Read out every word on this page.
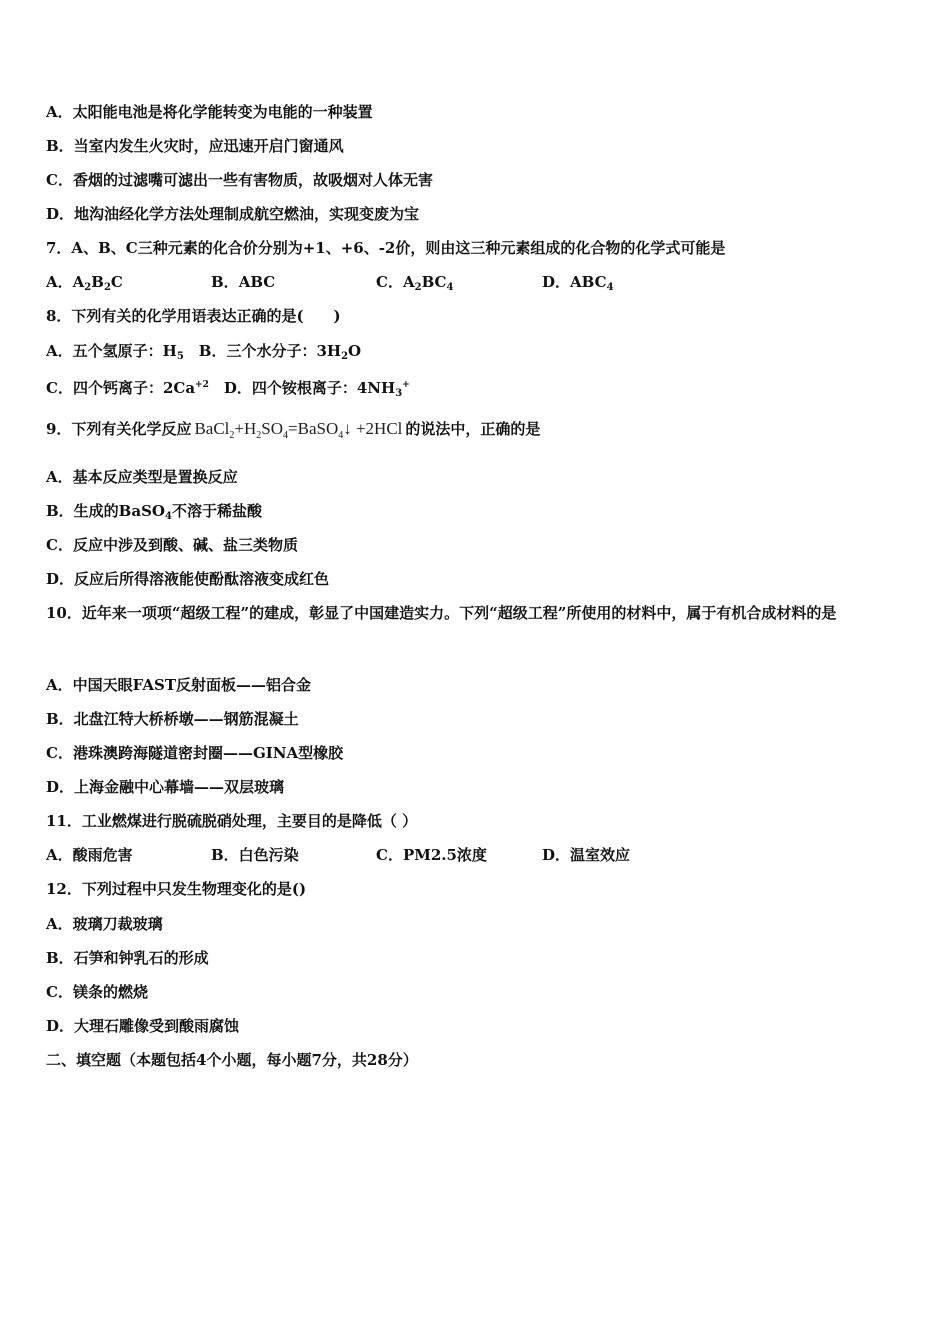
A．太阳能电池是将化学能转变为电能的一种装置
B．当室内发生火灾时，应迅速开启门窗通风
C．香烟的过滤嘴可滤出一些有害物质，故吸烟对人体无害
D．地沟油经化学方法处理制成航空燃油，实现变废为宝
7．A、B、C三种元素的化合价分别为+1、+6、-2价，则由这三种元素组成的化合物的化学式可能是
A．$A_2B_2C$	B．ABC	C．$A_2BC_4$	D．$ABC_4$
8．下列有关的化学用语表达正确的是(　　)
A．五个氢原子：$H_5$　B．三个水分子：$3H_2O$
C．四个钙离子：$2Ca^{+2}$　D．四个铵根离子：$4NH_3^+$
9．下列有关化学反应 $BaCl_2+H_2SO_4=BaSO_4↓ +2HCl$ 的说法中，正确的是
A．基本反应类型是置换反应
B．生成的BaSO$_4$不溶于稀盐酸
C．反应中涉及到酸、碱、盐三类物质
D．反应后所得溶液能使酚酞溶液变成红色
10．近年来一项项“超级工程”的建成，彰显了中国建造实力。下列“超级工程”所使用的材料中，属于有机合成材料的是
A．中国天眼FAST反射面板——铝合金
B．北盘江特大桥桥墩——钢筋混凝土
C．港珠澳跨海隧道密封圈——GINA型橡胶
D．上海金融中心幕墙——双层玻璃
11．工业燃煤进行脱硫脱硝处理，主要目的是降低（ ）
A．酸雨危害	B．白色污染	C．PM2.5浓度	D．温室效应
12．下列过程中只发生物理变化的是()
A．玻璃刀裁玻璃
B．石笋和钟乳石的形成
C．镁条的燃烧
D．大理石雕像受到酸雨腐蚀
二、填空题（本题包括4个小题，每小题7分，共28分）
